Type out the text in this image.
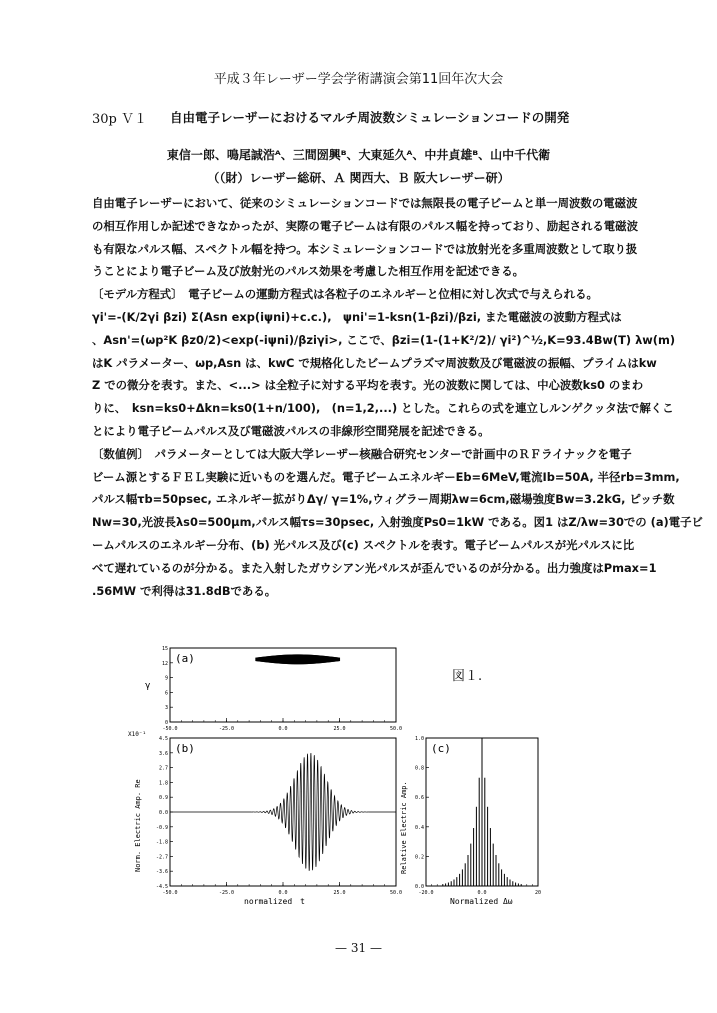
平成３年レーザー学会学術講演会第11回年次大会
30p Ｖ１ 自由電子レーザーにおけるマルチ周波数シミュレーションコードの開発
東信一郎、鳴尾誠浩ᴬ、三間圀興ᴮ、大東延久ᴬ、中井貞雄ᴮ、山中千代衛
（（財）レーザー総研、Ａ 関西大、Ｂ 阪大レーザー研）

自由電子レーザーにおいて、従来のシミュレーションコードでは無限長の電子ビームと単一周波数の電磁波

の相互作用しか記述できなかったが、実際の電子ビームは有限のパルス幅を持っており、励起される電磁波

も有限なパルス幅、スペクトル幅を持つ。本シミュレーションコードでは放射光を多重周波数として取り扱

うことにより電子ビーム及び放射光のパルス効果を考慮した相互作用を記述できる。

〔モデル方程式〕　電子ビームの運動方程式は各粒子のエネルギーと位相に対し次式で与えられる。

γi'=-(K/2γi βzi) Σ(Asn exp(iψni)+c.c.),　ψni'=1-ksn(1-βzi)/βzi, また電磁波の波動方程式は

、Asn'=(ωp²K βz0/2)<exp(-iψni)/βziγi>, ここで、βzi=(1-(1+K²/2)/ γi²)^½,K=93.4Bw(T) λw(m)

はK パラメーター、ωp,Asn は、kwC で規格化したビームプラズマ周波数及び電磁波の振幅、プライムはkw

Z での微分を表す。また、<...> は全粒子に対する平均を表す。光の波数に関しては、中心波数ks0 のまわ

りに、　ksn=ks0+Δkn=ks0(1+n/100),　(n=1,2,...) とした。これらの式を連立しルンゲクッタ法で解くこ

とにより電子ビームパルス及び電磁波パルスの非線形空間発展を記述できる。

〔数値例〕　パラメーターとしては大阪大学レーザー核融合研究センターで計画中のＲＦライナックを電子

ビーム源とするＦＥＬ実験に近いものを選んだ。電子ビームエネルギーEb=6MeV,電流Ib=50A, 半径rb=3mm,

パルス幅τb=50psec, エネルギー拡がりΔγ/ γ=1%,ウィグラー周期λw=6cm,磁場強度Bw=3.2kG, ピッチ数

Nw=30,光波長λs0=500μm,パルス幅τs=30psec, 入射強度Ps0=1kW である。図1 はZ/λw=30での (a)電子ビ

ームパルスのエネルギー分布、(b) 光パルス及び(c) スペクトルを表す。電子ビームパルスが光パルスに比

べて遅れているのが分かる。また入射したガウシアン光パルスが歪んでいるのが分かる。出力強度はPmax=1

.56MW で利得は31.8dBである。

(a)
γ
15
12
9
6
3
0
-50.0	-25.0	0.0	25.0	50.0
(b)
X10⁻¹
Norm. Electric Amp. Re
4.5
3.6
2.7
1.8
0.9
0.0
-0.9
-1.8
-2.7
-3.6
-4.5
-50.0	-25.0	0.0	25.0	50.0
normalized　t
(c)
Relative Electric Amp.
1.0
0.8
0.6
0.4
0.2
0.0
-20.0	0.0	20
Normalized Δω
図１.
— 31 —
